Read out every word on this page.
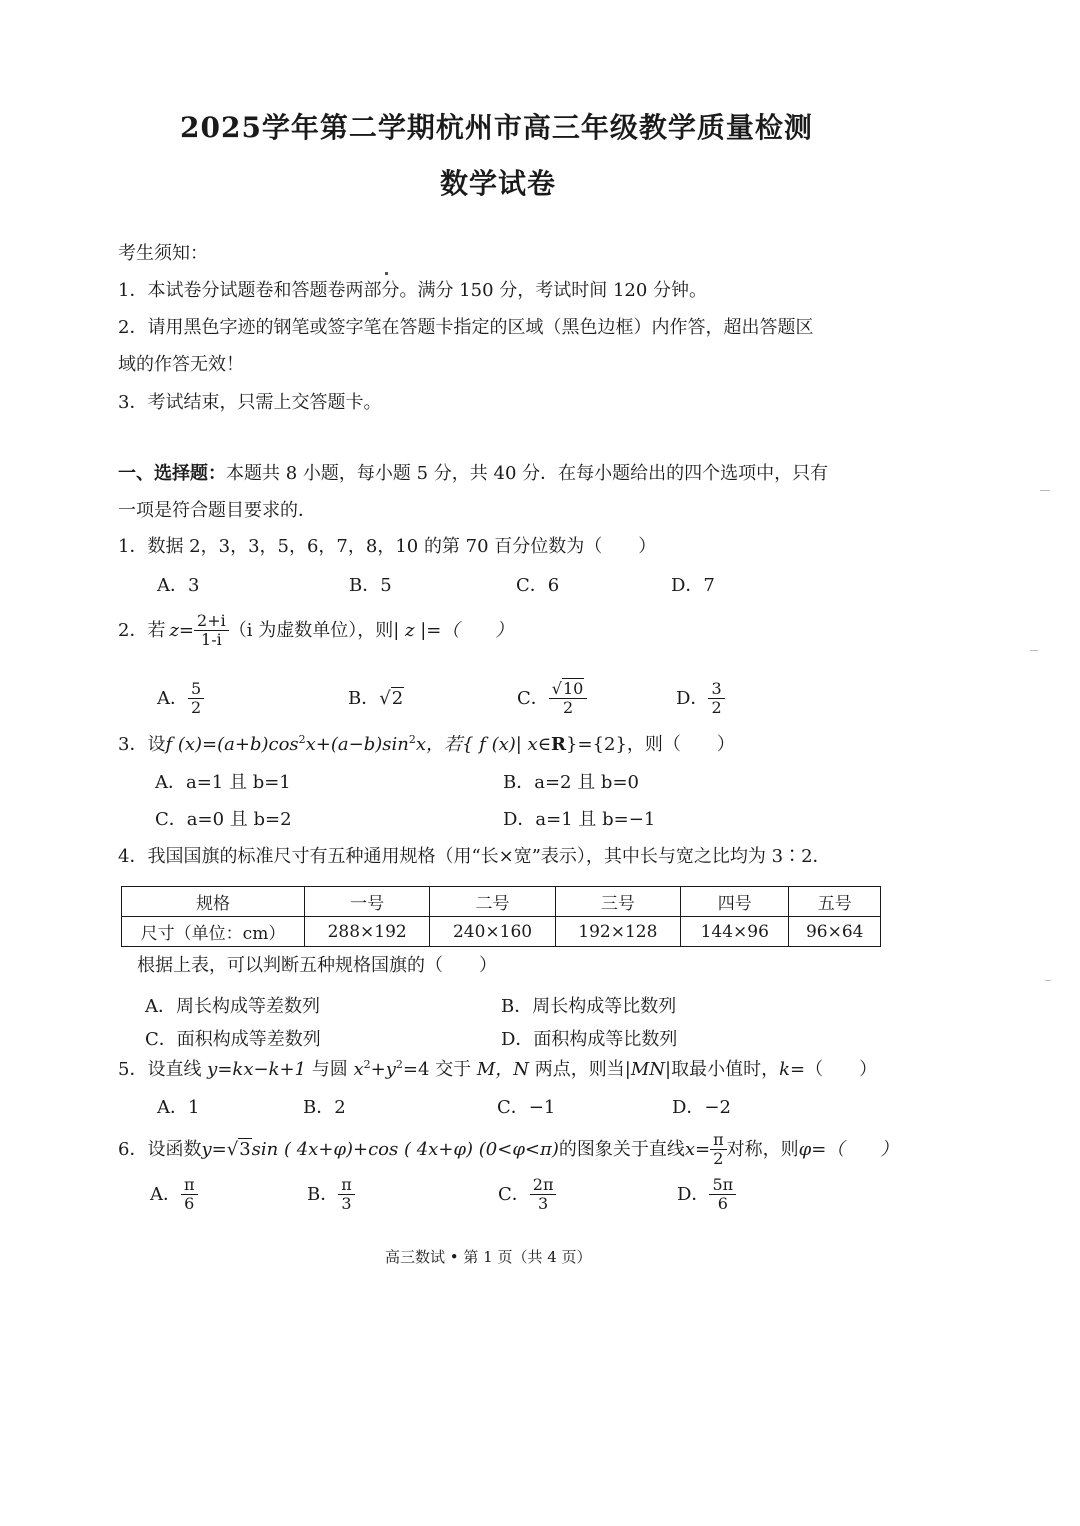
2025学年第二学期杭州市高三年级教学质量检测
数学试卷
考生须知：
1．本试卷分试题卷和答题卷两部分。满分 150 分，考试时间 120 分钟。
2．请用黑色字迹的钢笔或签字笔在答题卡指定的区域（黑色边框）内作答，超出答题区
域的作答无效！
3．考试结束，只需上交答题卡。
一、选择题：本题共 8 小题，每小题 5 分，共 40 分．在每小题给出的四个选项中，只有
一项是符合题目要求的．
1．数据 2，3，3，5，6，7，8，10 的第 70 百分位数为（　　）
A．3	B．5	C．6	D．7
2．若 $z= \frac{2+i}{1-i} (i$ 为虚数单位），则 | z |=（　　）
A． $\frac{5}{2}$	B．√2	C． $\frac{√10}{2}$	D． $\frac{3}{2}$
3．设f $(x)=(a+b)\cos^2x+(a-b)\sin^2x$，若{ f (x)| x∈R}={2}，则（　　）
A．a=1 且 b=1	B．a=2 且 b=0
C．a=0 且 b=2	D．a=1 且 b=−1
4．我国国旗的标准尺寸有五种通用规格（用“长×宽”表示），其中长与宽之比均为 3∶2．
规格	一号	二号	三号	四号	五号
尺寸（单位：cm）	288×192	240×160	192×128	144×96	96×64
根据上表，可以判断五种规格国旗的（　　）
A．周长构成等差数列	B．周长构成等比数列
C．面积构成等差数列	D．面积构成等比数列
5．设直线 y=kx−k+1 与圆 $x^2+y^2=4$ 交于 M，N 两点，则当|MN|取最小值时，k=（　　）
A．1	B．2	C．−1	D．−2
6．设函数 y= √3 sin ( 4x+φ)+cos ( 4x+φ) (0<φ<π) 的图象关于直线 $x= \frac{\pi}{2}$ 对称，则 φ=（　　）
A． $\frac{\pi}{6}$	B． $\frac{\pi}{3}$	C． $\frac{2\pi}{3}$	D． $\frac{5\pi}{6}$
高三数试 • 第 1 页（共 4 页）
